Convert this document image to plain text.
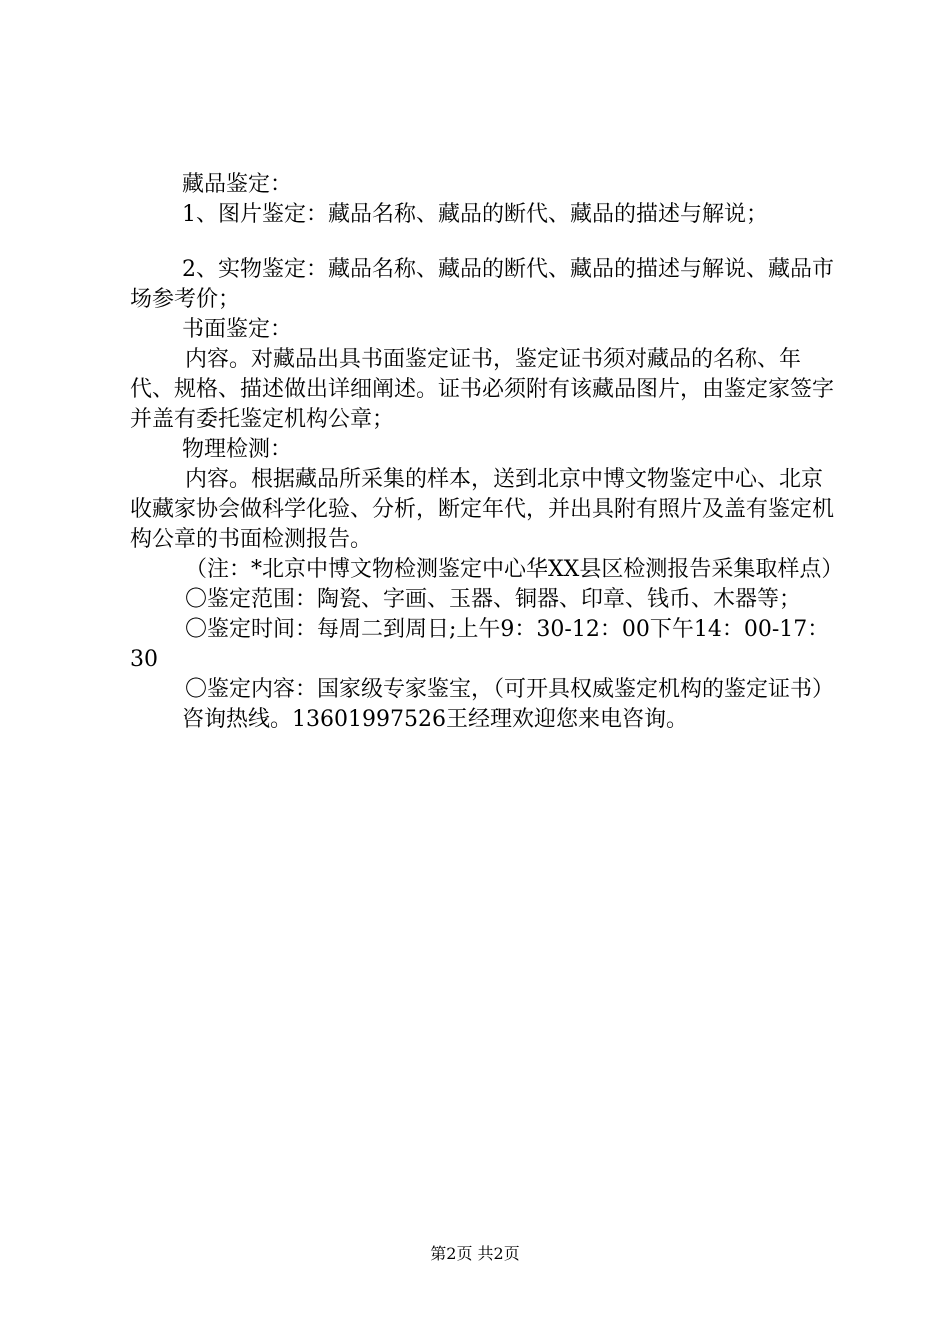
藏品鉴定：

1、图片鉴定：藏品名称、藏品的断代、藏品的描述与解说；

2、实物鉴定：藏品名称、藏品的断代、藏品的描述与解说、藏品市场参考价；

书面鉴定：

内容。对藏品出具书面鉴定证书，鉴定证书须对藏品的名称、年代、规格、描述做出详细阐述。证书必须附有该藏品图片，由鉴定家签字并盖有委托鉴定机构公章；

物理检测：

内容。根据藏品所采集的样本，送到北京中博文物鉴定中心、北京收藏家协会做科学化验、分析，断定年代，并出具附有照片及盖有鉴定机构公章的书面检测报告。

（注：*北京中博文物检测鉴定中心华XX县区检测报告采集取样点）

〇鉴定范围：陶瓷、字画、玉器、铜器、印章、钱币、木器等；

〇鉴定时间：每周二到周日;上午9：30-12：00下午14：00-17：30

〇鉴定内容：国家级专家鉴宝，（可开具权威鉴定机构的鉴定证书）

咨询热线。13601997526王经理欢迎您来电咨询。

第2页 共2页
